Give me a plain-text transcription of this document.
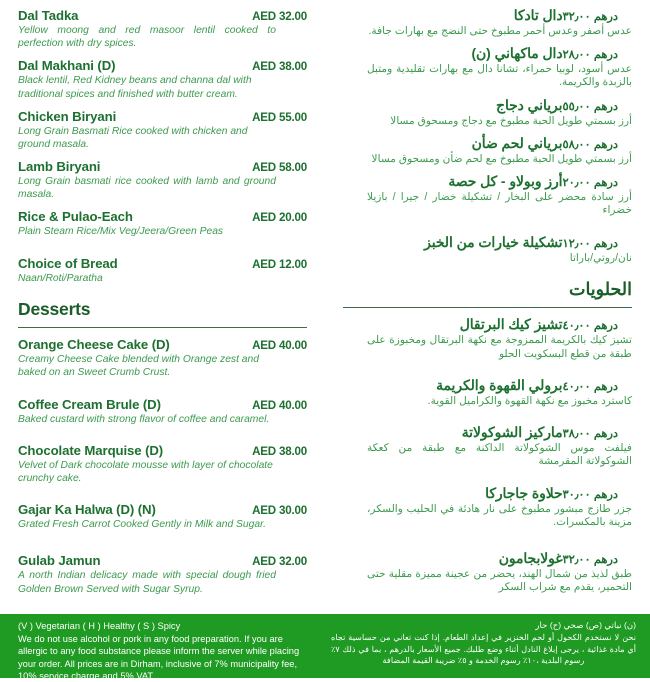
Dal Tadka	AED 32.00
Yellow moong and red masoor lentil cooked to perfection with dry spices.
Dal Makhani (D)	AED 38.00
Black lentil, Red Kidney beans and channa dal with traditional spices and finished with butter cream.
Chicken Biryani	AED 55.00
Long Grain Basmati Rice cooked with chicken and ground masala.
Lamb Biryani	AED 58.00
Long Grain basmati rice cooked with lamb and ground masala.
Rice & Pulao-Each	AED 20.00
Plain Steam Rice/Mix Veg/Jeera/Green Peas
Choice of Bread	AED 12.00
Naan/Roti/Paratha
Desserts
Orange Cheese Cake (D)	AED 40.00
Creamy Cheese Cake blended with Orange zest and baked on an Sweet Crumb Crust.
Coffee Cream Brule (D)	AED 40.00
Baked custard with strong flavor of coffee and caramel.
Chocolate Marquise (D)	AED 38.00
Velvet of Dark chocolate mousse with layer of chocolate crunchy cake.
Gajar Ka Halwa (D) (N)	AED 30.00
Grated Fresh Carrot Cooked Gently in Milk and Sugar.
Gulab Jamun	AED 32.00
A north Indian delicacy made with special dough fried Golden Brown Served with Sugar Syrup.
دال تادكا درهم ٣٢٫٠٠
عدس أصفر وعدس أحمر مطبوخ حتى النضج مع بهارات جافة.
دال ماكهاني (ن) درهم ٢٨٫٠٠
عدس أسود، لوبيا حمراء، تشانا دال مع بهارات تقليدية ومتبل بالزبدة والكريمة.
برياني دجاج درهم ٥٥٫٠٠
أرز بسمتي طويل الحبة مطبوخ مع دجاج ومسحوق مسالا
برياني لحم ضأن درهم ٥٨٫٠٠
أرز بسمتي طويل الحبة مطبوخ مع لحم ضأن ومسحوق مسالا
أرز وبولاو - كل حصة درهم ٢٠٫٠٠
أرز سادة محضر على البخار / تشكيلة خضار / جيرا / بازيلا خضراء
تشكيلة خيارات من الخبز درهم ١٢٫٠٠
نان/روتي/باراتا
الحلويات
تشيز كيك البرتقال درهم ٤٠٫٠٠
تشيز كيك بالكريمة الممزوجة مع نكهة البرتقال ومخبوزة على طبقة من قطع البسكويت الحلو
برولي القهوة والكريمة درهم ٤٠٫٠٠
كاسترد مخبوز مع نكهة القهوة والكراميل القوية.
ماركيز الشوكولاتة درهم ٣٨٫٠٠
فيلفت موس الشوكولاتة الداكنة مع طبقة من كعكة الشوكولاتة المقرمشة
حلاوة جاجاركا درهم ٣٠٫٠٠
جزر طازج مبشور مطبوخ على نار هادئة في الحليب والسكر، مزينة بالمكسرات.
غولابجامون درهم ٣٢٫٠٠
طبق لذيذ من شمال الهند، يحضر من عجينة مميزة مقلية حتى التحمير، يقدم مع شراب السكر
(V ) Vegetarian ( H ) Healthy ( S ) Spicy
We do not use alcohol or pork in any food preparation. If you are allergic to any food substance please inform the server while placing your order. All prices are in Dirham, inclusive of 7% municipality fee, 10% service charge and 5% VAT.
(ن) نباتي (ص) صحي (ح) حار
نحن لا نستخدم الكحول أو لحم الخنزير في إعداد الطعام. إذا كنت تعاني من حساسية تجاه أي مادة غذائية ، يرجى إبلاغ النادل أثناء وضع طلبك. جميع الأسعار بالدرهم ، بما في ذلك ٧٪ رسوم البلدية ،١٠٪ رسوم الخدمة و ٥٪ ضريبة القيمة المضافة
